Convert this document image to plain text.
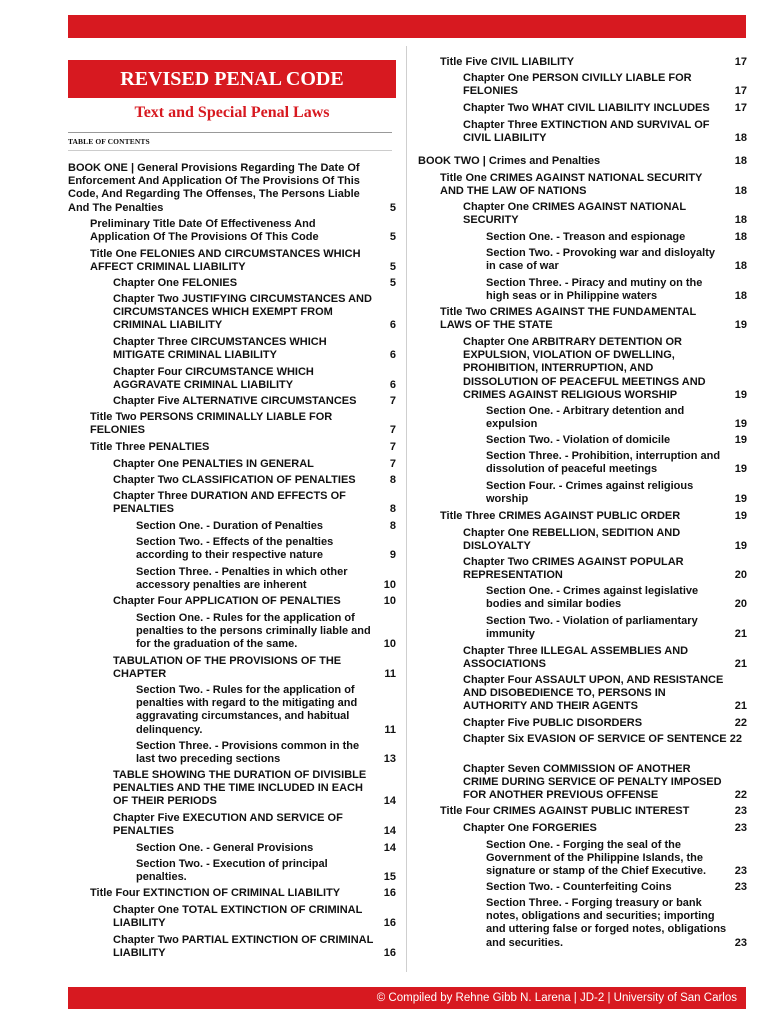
REVISED PENAL CODE
Text and Special Penal Laws
TABLE OF CONTENTS
BOOK ONE | General Provisions Regarding The Date Of Enforcement And Application Of The Provisions Of This Code, And Regarding The Offenses, The Persons Liable And The Penalties	5
Preliminary Title Date Of Effectiveness And Application Of The Provisions Of This Code	5
Title One FELONIES AND CIRCUMSTANCES WHICH AFFECT CRIMINAL LIABILITY	5
Chapter One FELONIES	5
Chapter Two JUSTIFYING CIRCUMSTANCES AND CIRCUMSTANCES WHICH EXEMPT FROM CRIMINAL LIABILITY	6
Chapter Three CIRCUMSTANCES WHICH MITIGATE CRIMINAL LIABILITY	6
Chapter Four CIRCUMSTANCE WHICH AGGRAVATE CRIMINAL LIABILITY	6
Chapter Five ALTERNATIVE CIRCUMSTANCES	7
Title Two PERSONS CRIMINALLY LIABLE FOR FELONIES	7
Title Three PENALTIES	7
Chapter One PENALTIES IN GENERAL	7
Chapter Two CLASSIFICATION OF PENALTIES	8
Chapter Three DURATION AND EFFECTS OF PENALTIES	8
Section One. - Duration of Penalties	8
Section Two. - Effects of the penalties according to their respective nature	9
Section Three. - Penalties in which other accessory penalties are inherent	10
Chapter Four APPLICATION OF PENALTIES	10
Section One. - Rules for the application of penalties to the persons criminally liable and for the graduation of the same.	10
TABULATION OF THE PROVISIONS OF THE CHAPTER	11
Section Two. - Rules for the application of penalties with regard to the mitigating and aggravating circumstances, and habitual delinquency.	11
Section Three. - Provisions common in the last two preceding sections	13
TABLE SHOWING THE DURATION OF DIVISIBLE PENALTIES AND THE TIME INCLUDED IN EACH OF THEIR PERIODS	14
Chapter Five EXECUTION AND SERVICE OF PENALTIES	14
Section One. - General Provisions	14
Section Two. - Execution of principal penalties.	15
Title Four EXTINCTION OF CRIMINAL LIABILITY	16
Chapter One TOTAL EXTINCTION OF CRIMINAL LIABILITY	16
Chapter Two PARTIAL EXTINCTION OF CRIMINAL LIABILITY	16
Title Five CIVIL LIABILITY	17
Chapter One PERSON CIVILLY LIABLE FOR FELONIES	17
Chapter Two WHAT CIVIL LIABILITY INCLUDES	17
Chapter Three EXTINCTION AND SURVIVAL OF CIVIL LIABILITY	18
BOOK TWO | Crimes and Penalties	18
Title One CRIMES AGAINST NATIONAL SECURITY AND THE LAW OF NATIONS	18
Chapter One CRIMES AGAINST NATIONAL SECURITY	18
Section One. - Treason and espionage	18
Section Two. - Provoking war and disloyalty in case of war	18
Section Three. - Piracy and mutiny on the high seas or in Philippine waters	18
Title Two CRIMES AGAINST THE FUNDAMENTAL LAWS OF THE STATE	19
Chapter One ARBITRARY DETENTION OR EXPULSION, VIOLATION OF DWELLING, PROHIBITION, INTERRUPTION, AND DISSOLUTION OF PEACEFUL MEETINGS AND CRIMES AGAINST RELIGIOUS WORSHIP	19
Section One. - Arbitrary detention and expulsion	19
Section Two. - Violation of domicile	19
Section Three. - Prohibition, interruption and dissolution of peaceful meetings	19
Section Four. - Crimes against religious worship	19
Title Three CRIMES AGAINST PUBLIC ORDER	19
Chapter One REBELLION, SEDITION AND DISLOYALTY	19
Chapter Two CRIMES AGAINST POPULAR REPRESENTATION	20
Section One. - Crimes against legislative bodies and similar bodies	20
Section Two. - Violation of parliamentary immunity	21
Chapter Three ILLEGAL ASSEMBLIES AND ASSOCIATIONS	21
Chapter Four ASSAULT UPON, AND RESISTANCE AND DISOBEDIENCE TO, PERSONS IN AUTHORITY AND THEIR AGENTS	21
Chapter Five PUBLIC DISORDERS	22
Chapter Six EVASION OF SERVICE OF SENTENCE 22
Chapter Seven COMMISSION OF ANOTHER CRIME DURING SERVICE OF PENALTY IMPOSED FOR ANOTHER PREVIOUS OFFENSE	22
Title Four CRIMES AGAINST PUBLIC INTEREST	23
Chapter One FORGERIES	23
Section One. - Forging the seal of the Government of the Philippine Islands, the signature or stamp of the Chief Executive.	23
Section Two. - Counterfeiting Coins	23
Section Three. - Forging treasury or bank notes, obligations and securities; importing and uttering false or forged notes, obligations and securities.	23
© Compiled by Rehne Gibb N. Larena | JD-2 | University of San Carlos
